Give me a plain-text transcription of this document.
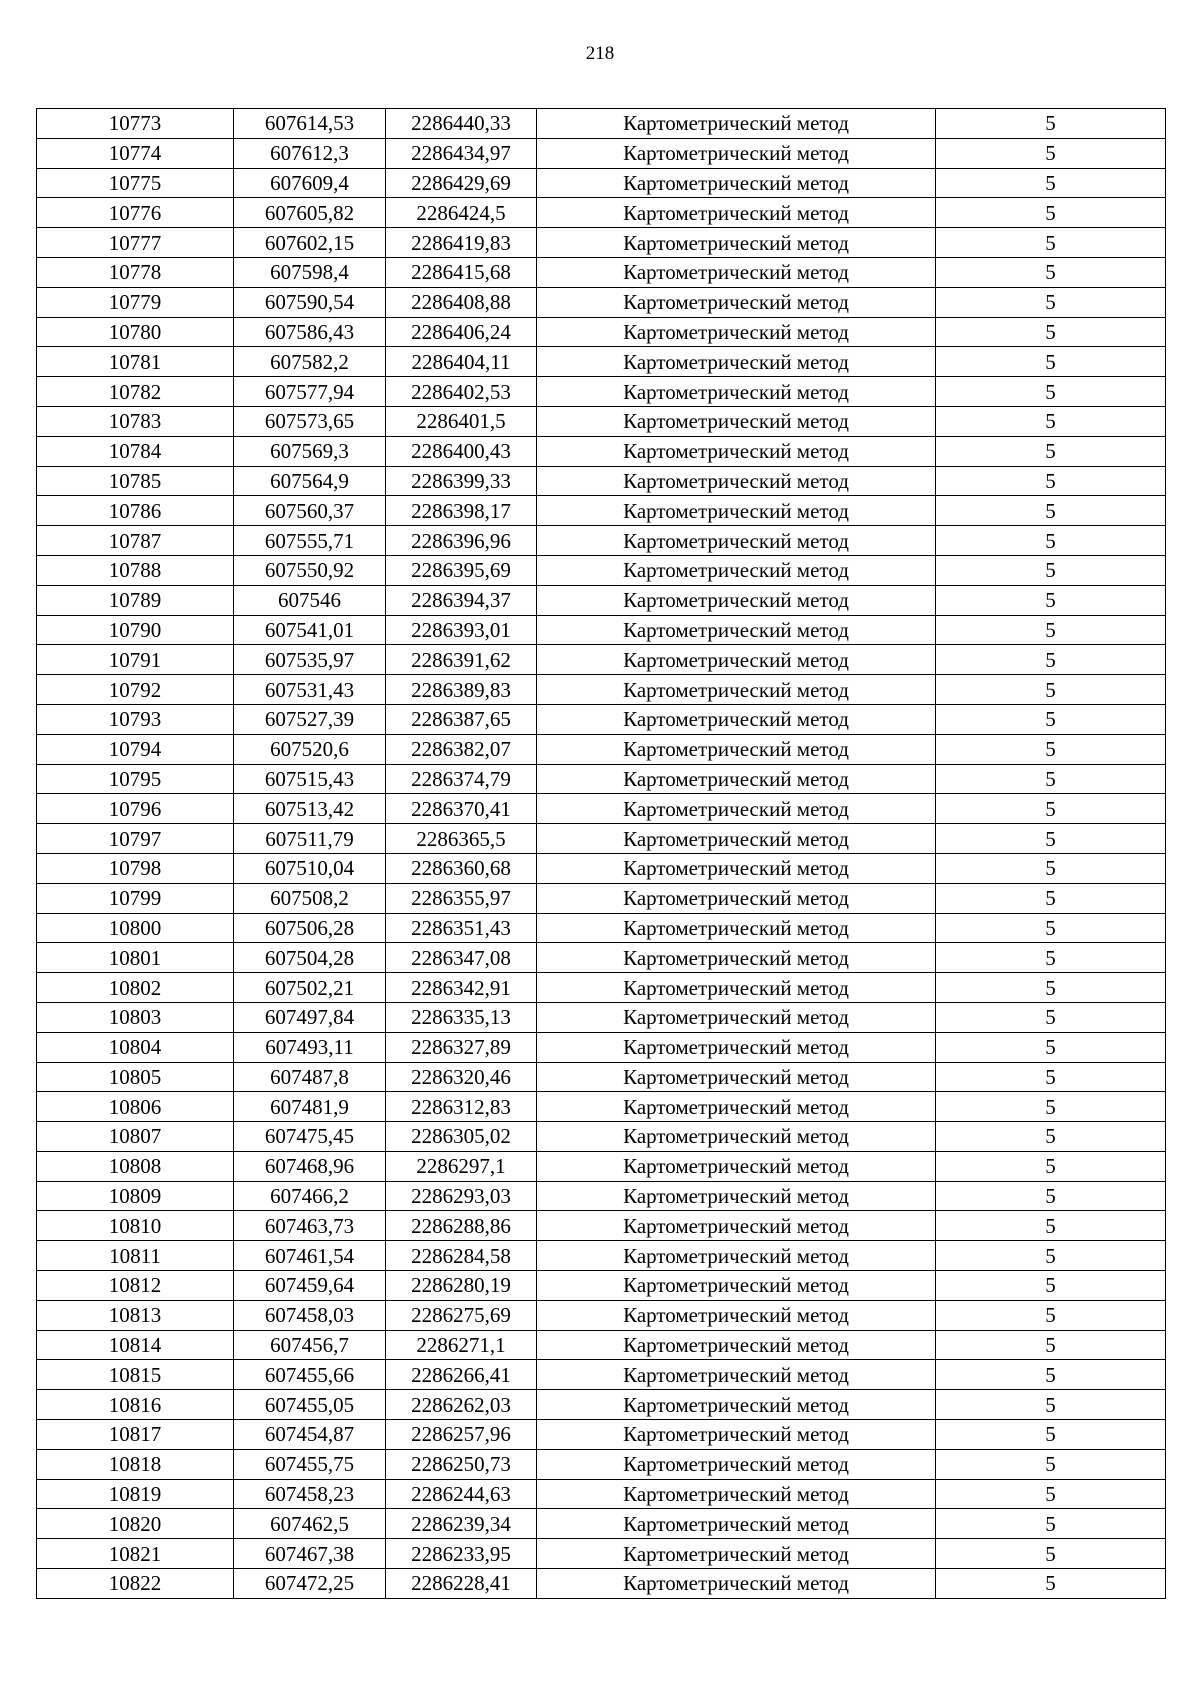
218
10773	607614,53	2286440,33	Картометрический метод	5
10774	607612,3	2286434,97	Картометрический метод	5
10775	607609,4	2286429,69	Картометрический метод	5
10776	607605,82	2286424,5	Картометрический метод	5
10777	607602,15	2286419,83	Картометрический метод	5
10778	607598,4	2286415,68	Картометрический метод	5
10779	607590,54	2286408,88	Картометрический метод	5
10780	607586,43	2286406,24	Картометрический метод	5
10781	607582,2	2286404,11	Картометрический метод	5
10782	607577,94	2286402,53	Картометрический метод	5
10783	607573,65	2286401,5	Картометрический метод	5
10784	607569,3	2286400,43	Картометрический метод	5
10785	607564,9	2286399,33	Картометрический метод	5
10786	607560,37	2286398,17	Картометрический метод	5
10787	607555,71	2286396,96	Картометрический метод	5
10788	607550,92	2286395,69	Картометрический метод	5
10789	607546	2286394,37	Картометрический метод	5
10790	607541,01	2286393,01	Картометрический метод	5
10791	607535,97	2286391,62	Картометрический метод	5
10792	607531,43	2286389,83	Картометрический метод	5
10793	607527,39	2286387,65	Картометрический метод	5
10794	607520,6	2286382,07	Картометрический метод	5
10795	607515,43	2286374,79	Картометрический метод	5
10796	607513,42	2286370,41	Картометрический метод	5
10797	607511,79	2286365,5	Картометрический метод	5
10798	607510,04	2286360,68	Картометрический метод	5
10799	607508,2	2286355,97	Картометрический метод	5
10800	607506,28	2286351,43	Картометрический метод	5
10801	607504,28	2286347,08	Картометрический метод	5
10802	607502,21	2286342,91	Картометрический метод	5
10803	607497,84	2286335,13	Картометрический метод	5
10804	607493,11	2286327,89	Картометрический метод	5
10805	607487,8	2286320,46	Картометрический метод	5
10806	607481,9	2286312,83	Картометрический метод	5
10807	607475,45	2286305,02	Картометрический метод	5
10808	607468,96	2286297,1	Картометрический метод	5
10809	607466,2	2286293,03	Картометрический метод	5
10810	607463,73	2286288,86	Картометрический метод	5
10811	607461,54	2286284,58	Картометрический метод	5
10812	607459,64	2286280,19	Картометрический метод	5
10813	607458,03	2286275,69	Картометрический метод	5
10814	607456,7	2286271,1	Картометрический метод	5
10815	607455,66	2286266,41	Картометрический метод	5
10816	607455,05	2286262,03	Картометрический метод	5
10817	607454,87	2286257,96	Картометрический метод	5
10818	607455,75	2286250,73	Картометрический метод	5
10819	607458,23	2286244,63	Картометрический метод	5
10820	607462,5	2286239,34	Картометрический метод	5
10821	607467,38	2286233,95	Картометрический метод	5
10822	607472,25	2286228,41	Картометрический метод	5
